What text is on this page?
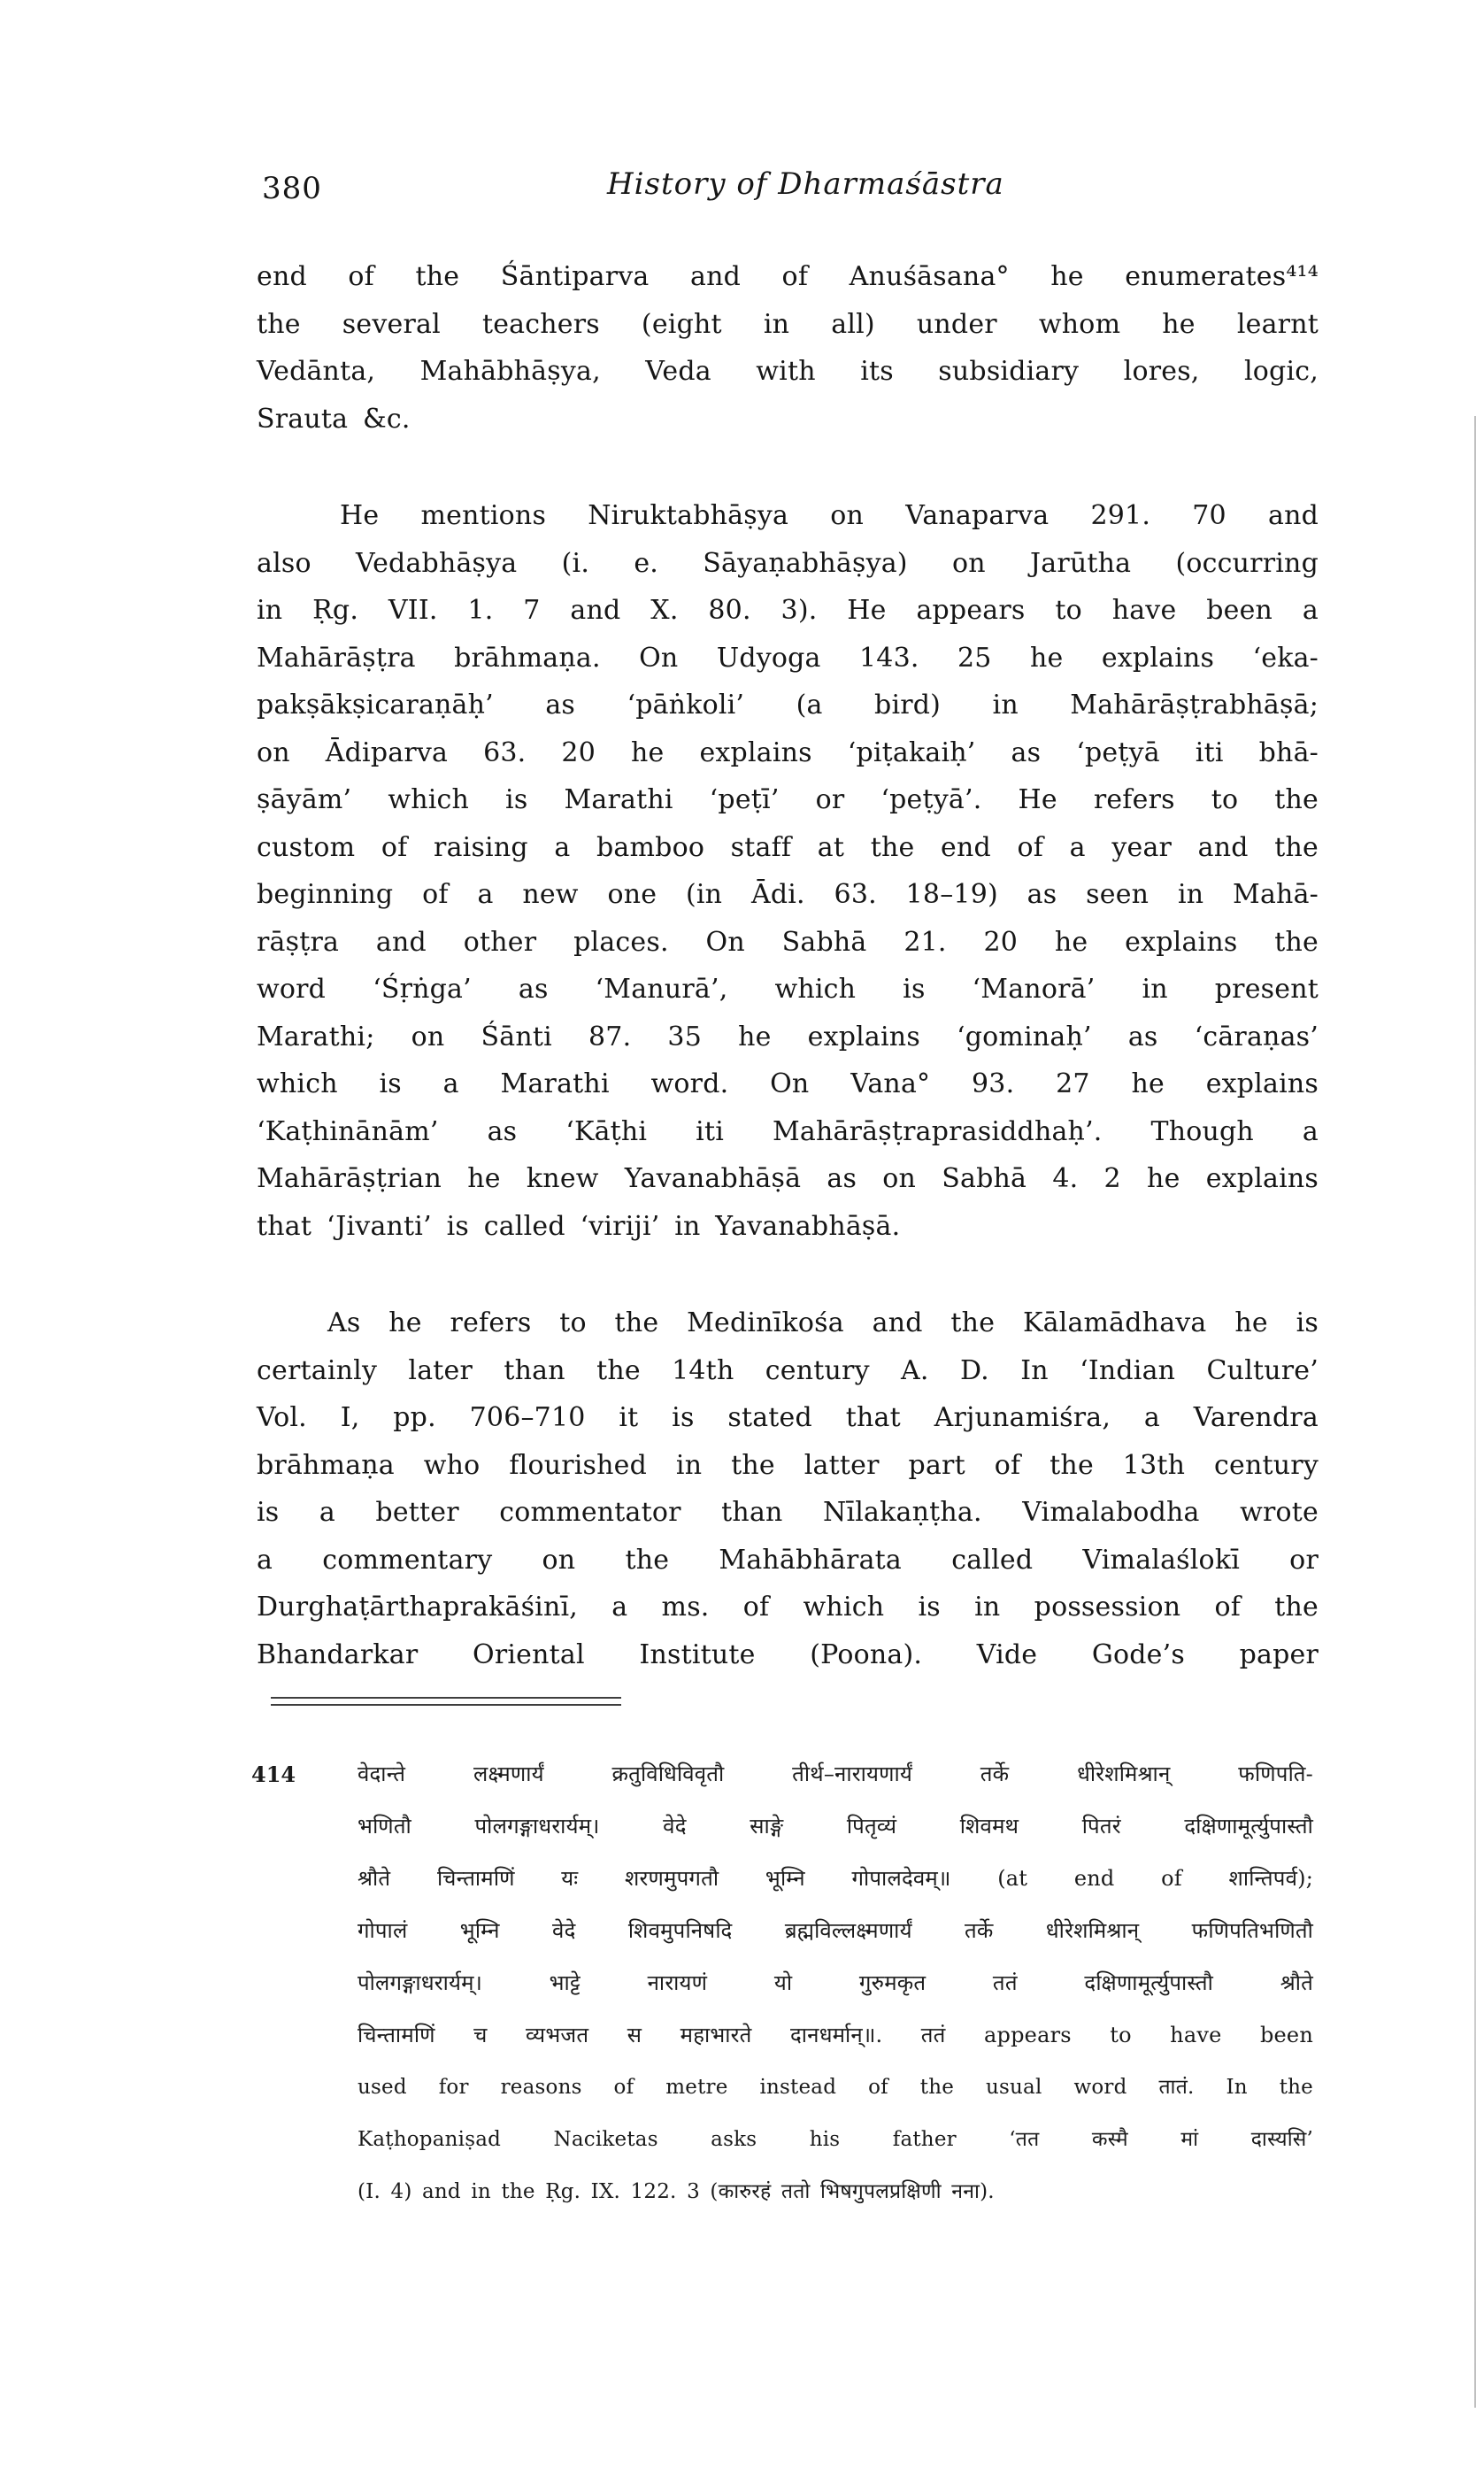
380	History of Dharmaśāstra
end of the Śāntiparva and of Anuśāsana° he enumerates⁴¹⁴
the several teachers (eight in all) under whom he learnt
Vedānta, Mahābhāṣya, Veda with its subsidiary lores, logic,
Srauta &c.
He mentions Niruktabhāṣya on Vanaparva 291. 70 and
also Vedabhāṣya (i. e. Sāyaṇabhāṣya) on Jarūtha (occurring
in Ṛg. VII. 1. 7 and X. 80. 3). He appears to have been a
Mahārāṣṭra brāhmaṇa. On Udyoga 143. 25 he explains ‘eka-
pakṣākṣicaraṇāḥ’ as ‘pāṅkoli’ (a bird) in Mahārāṣṭrabhāṣā;
on Ādiparva 63. 20 he explains ‘piṭakaiḥ’ as ‘peṭyā iti bhā-
ṣāyām’ which is Marathi ‘peṭī’ or ‘peṭyā’. He refers to the
custom of raising a bamboo staff at the end of a year and the
beginning of a new one (in Ādi. 63. 18–19) as seen in Mahā-
rāṣṭra and other places. On Sabhā 21. 20 he explains the
word ‘Śṛṅga’ as ‘Manurā’, which is ‘Manorā’ in present
Marathi; on Śānti 87. 35 he explains ‘gominaḥ’ as ‘cāraṇas’
which is a Marathi word. On Vana° 93. 27 he explains
‘Kaṭhinānām’ as ‘Kāṭhi iti Mahārāṣṭraprasiddhaḥ’. Though a
Mahārāṣṭrian he knew Yavanabhāṣā as on Sabhā 4. 2 he explains
that ‘Jivanti’ is called ‘viriji’ in Yavanabhāṣā.
As he refers to the Medinīkośa and the Kālamādhava he is
certainly later than the 14th century A. D. In ‘Indian Culture’
Vol. I, pp. 706–710 it is stated that Arjunamiśra, a Varendra
brāhmaṇa who flourished in the latter part of the 13th century
is a better commentator than Nīlakaṇṭha. Vimalabodha wrote
a commentary on the Mahābhārata called Vimalaślokī or
Durghaṭārthaprakāśinī, a ms. of which is in possession of the
Bhandarkar Oriental Institute (Poona). Vide Gode’s paper
414	वेदान्ते लक्ष्मणार्यं क्रतुविधिविवृतौ तीर्थ–नारायणार्यं तर्के धीरेशमिश्रान् फणिपति-
भणितौ पोलगङ्गाधरार्यम्। वेदे साङ्गे पितृव्यं शिवमथ पितरं दक्षिणामूर्त्युपास्तौ
श्रौते चिन्तामणिं यः शरणमुपगतौ भूम्नि गोपालदेवम्॥ (at end of शान्तिपर्व);
गोपालं भूम्नि वेदे शिवमुपनिषदि ब्रह्मविल्लक्ष्मणार्यं तर्के धीरेशमिश्रान् फणिपतिभणितौ
पोलगङ्गाधरार्यम्। भाट्टे नारायणं यो गुरुमकृत ततं दक्षिणामूर्त्युपास्तौ श्रौते
चिन्तामणिं च व्यभजत स महाभारते दानधर्मान्॥. ततं appears to have been
used for reasons of metre instead of the usual word तातं. In the
Kaṭhopaniṣad Naciketas asks his father ‘तत कस्मै मां दास्यसि’
(I. 4) and in the Ṛg. IX. 122. 3 (कारुरहं ततो भिषगुपलप्रक्षिणी नना).
